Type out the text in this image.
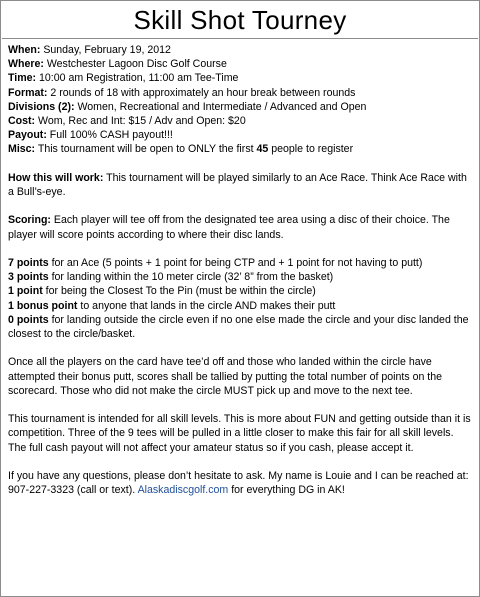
Skill Shot Tourney

When: Sunday, February 19, 2012

Where: Westchester Lagoon Disc Golf Course

Time: 10:00 am Registration, 11:00 am Tee-Time

Format: 2 rounds of 18 with approximately an hour break between rounds

Divisions (2): Women, Recreational and Intermediate / Advanced and Open

Cost: Wom, Rec and Int: $15 / Adv and Open: $20

Payout: Full 100% CASH payout!!!

Misc: This tournament will be open to ONLY the first 45 people to register

How this will work: This tournament will be played similarly to an Ace Race. Think Ace Race with a Bull’s-eye.

Scoring: Each player will tee off from the designated tee area using a disc of their choice. The player will score points according to where their disc lands.

7 points for an Ace (5 points + 1 point for being CTP and + 1 point for not having to putt)

3 points for landing within the 10 meter circle (32’ 8” from the basket)

1 point for being the Closest To the Pin (must be within the circle)

1 bonus point to anyone that lands in the circle AND makes their putt

0 points for landing outside the circle even if no one else made the circle and your disc landed the closest to the circle/basket.

Once all the players on the card have tee’d off and those who landed within the circle have attempted their bonus putt, scores shall be tallied by putting the total number of points on the scorecard. Those who did not make the circle MUST pick up and move to the next tee.

This tournament is intended for all skill levels. This is more about FUN and getting outside than it is competition. Three of the 9 tees will be pulled in a little closer to make this fair for all skill levels. The full cash payout will not affect your amateur status so if you cash, please accept it.

If you have any questions, please don’t hesitate to ask. My name is Louie and I can be reached at: 907-227-3323 (call or text). Alaskadiscgolf.com for everything DG in AK!
